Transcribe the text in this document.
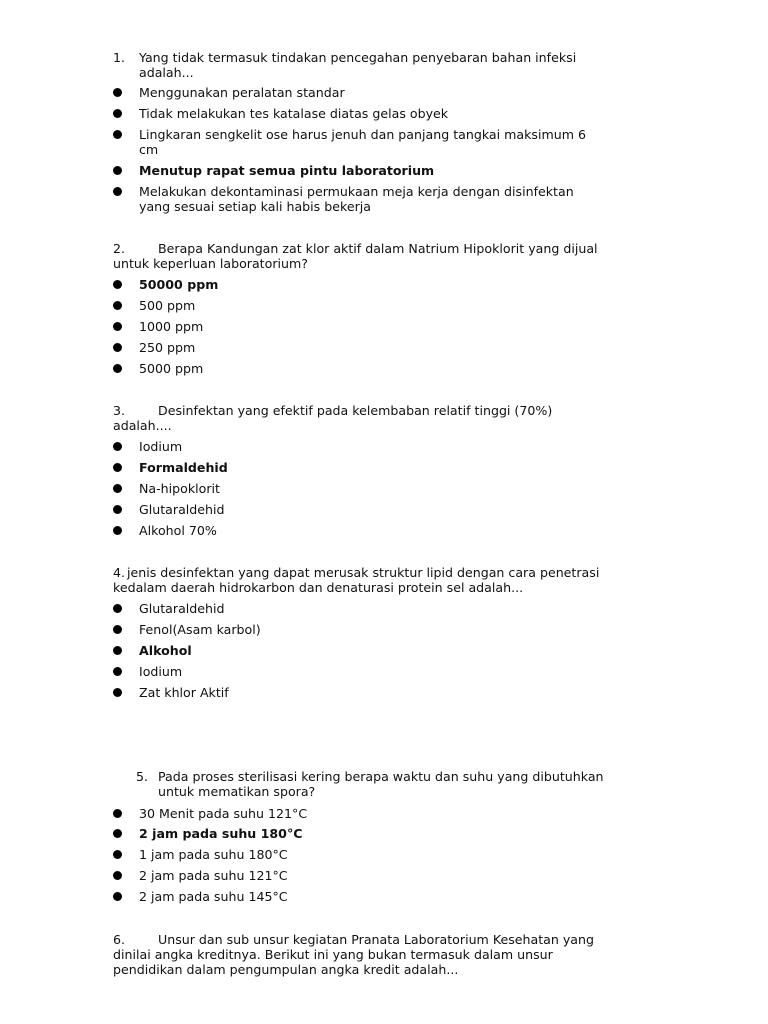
1. Yang tidak termasuk tindakan pencegahan penyebaran bahan infeksi
adalah...
Menggunakan peralatan standar
Tidak melakukan tes katalase diatas gelas obyek
Lingkaran sengkelit ose harus jenuh dan panjang tangkai maksimum 6
cm
Menutup rapat semua pintu laboratorium
Melakukan dekontaminasi permukaan meja kerja dengan disinfektan
yang sesuai setiap kali habis bekerja
2.	Berapa Kandungan zat klor aktif dalam Natrium Hipoklorit yang dijual
untuk keperluan laboratorium?
50000 ppm
500 ppm
1000 ppm
250 ppm
5000 ppm
3.	Desinfektan yang efektif pada kelembaban relatif tinggi (70%)
adalah....
Iodium
Formaldehid
Na-hipoklorit
Glutaraldehid
Alkohol 70%
4. jenis desinfektan yang dapat merusak struktur lipid dengan cara penetrasi
kedalam daerah hidrokarbon dan denaturasi protein sel adalah...
Glutaraldehid
Fenol(Asam karbol)
Alkohol
Iodium
Zat khlor Aktif
5. Pada proses sterilisasi kering berapa waktu dan suhu yang dibutuhkan
untuk mematikan spora?
30 Menit pada suhu 121°C
2 jam pada suhu 180°C
1 jam pada suhu 180°C
2 jam pada suhu 121°C
2 jam pada suhu 145°C
6.	Unsur dan sub unsur kegiatan Pranata Laboratorium Kesehatan yang
dinilai angka kreditnya. Berikut ini yang bukan termasuk dalam unsur
pendidikan dalam pengumpulan angka kredit adalah...
